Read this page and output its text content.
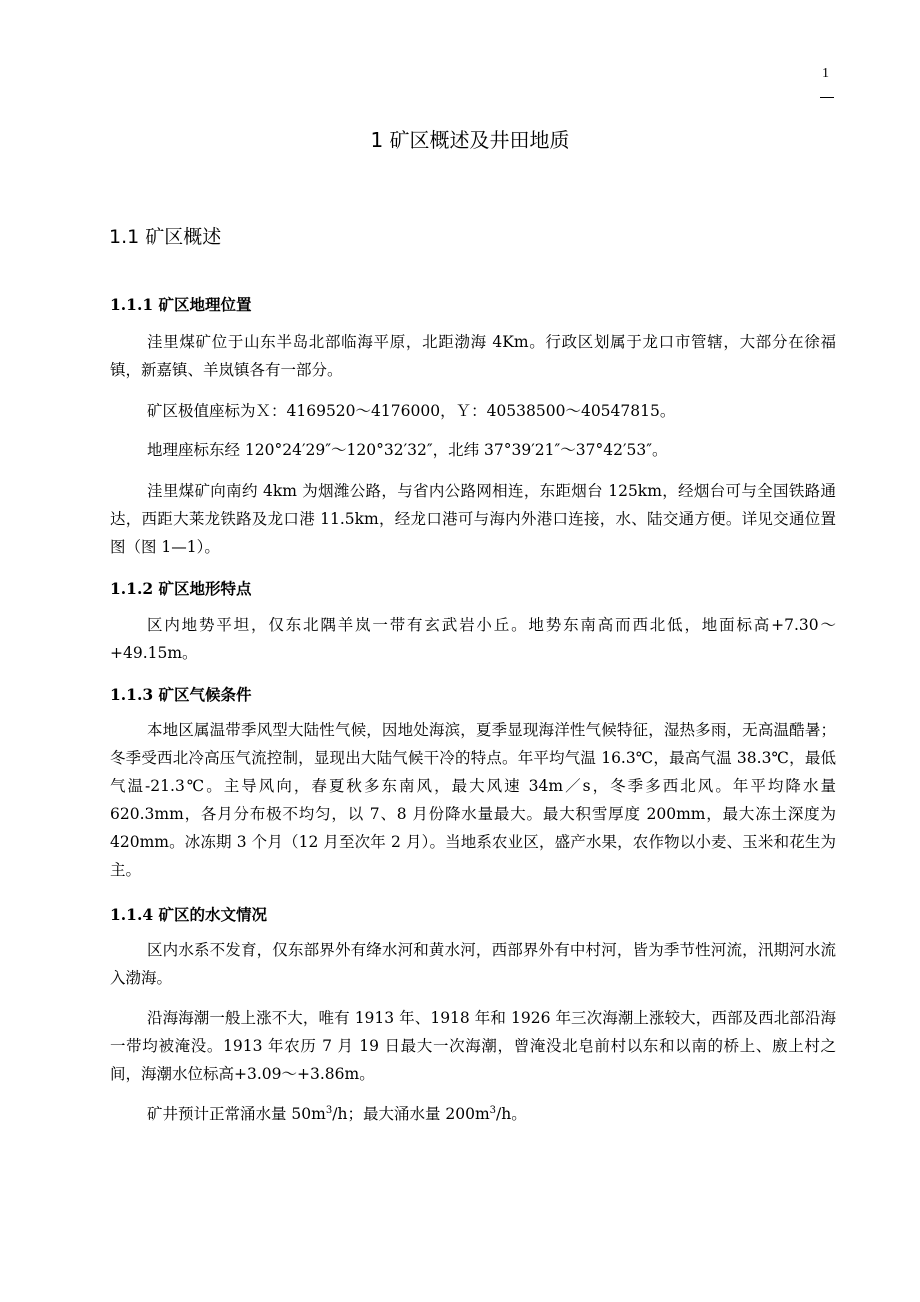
1
1 矿区概述及井田地质
1.1 矿区概述
1.1.1 矿区地理位置

洼里煤矿位于山东半岛北部临海平原，北距渤海 4Km。行政区划属于龙口市管辖，大部分在徐福镇，新嘉镇、羊岚镇各有一部分。

矿区极值座标为Ｘ：4169520～4176000，Ｙ：40538500～40547815。

地理座标东经 120°24′29″～120°32′32″，北纬 37°39′21″～37°42′53″。

洼里煤矿向南约 4km 为烟潍公路，与省内公路网相连，东距烟台 125km，经烟台可与全国铁路通达，西距大莱龙铁路及龙口港 11.5km，经龙口港可与海内外港口连接，水、陆交通方便。详见交通位置图（图 1—1）。

1.1.2 矿区地形特点

区内地势平坦，仅东北隅羊岚一带有玄武岩小丘。地势东南高而西北低，地面标高+7.30～+49.15m。

1.1.3 矿区气候条件

本地区属温带季风型大陆性气候，因地处海滨，夏季显现海洋性气候特征，湿热多雨，无高温酷暑；冬季受西北冷高压气流控制，显现出大陆气候干冷的特点。年平均气温 16.3℃，最高气温 38.3℃，最低气温-21.3℃。主导风向，春夏秋多东南风，最大风速 34m／s，冬季多西北风。年平均降水量 620.3mm，各月分布极不均匀，以 7、8 月份降水量最大。最大积雪厚度 200mm，最大冻土深度为 420mm。冰冻期 3 个月（12 月至次年 2 月）。当地系农业区，盛产水果，农作物以小麦、玉米和花生为主。

1.1.4 矿区的水文情况

区内水系不发育，仅东部界外有绛水河和黄水河，西部界外有中村河，皆为季节性河流，汛期河水流入渤海。

沿海海潮一般上涨不大，唯有 1913 年、1918 年和 1926 年三次海潮上涨较大，西部及西北部沿海一带均被淹没。1913 年农历 7 月 19 日最大一次海潮，曾淹没北皂前村以东和以南的桥上、廒上村之间，海潮水位标高+3.09～+3.86m。

矿井预计正常涌水量 $50m^3/h$；最大涌水量 $200m^3/h$。
